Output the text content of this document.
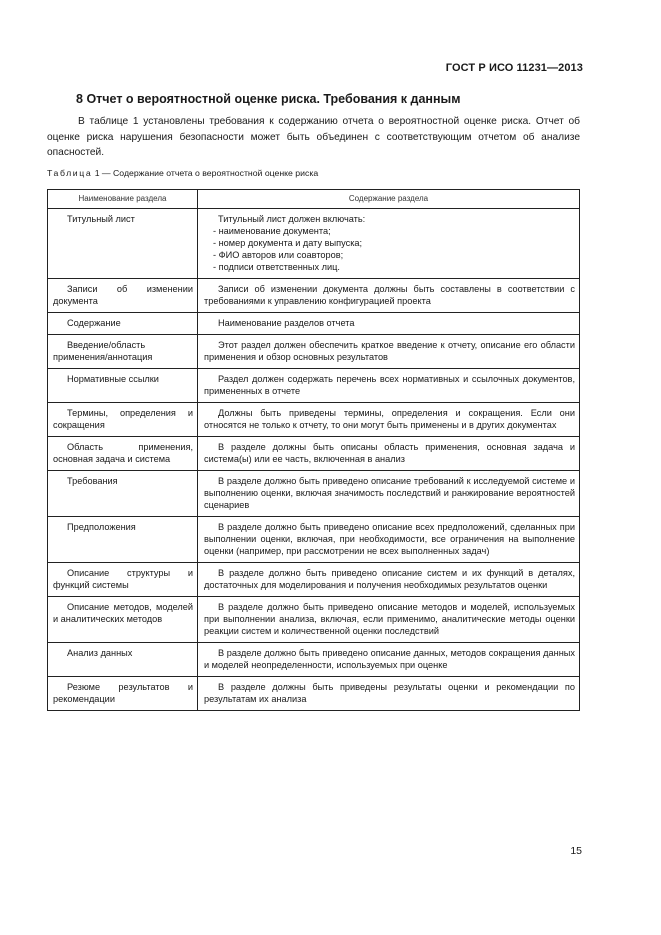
ГОСТ Р ИСО 11231—2013
8 Отчет о вероятностной оценке риска. Требования к данным

В таблице 1 установлены требования к содержанию отчета о вероятностной оценке риска. Отчет об оценке риска нарушения безопасности может быть объединен с соответствующим отчетом об анализе опасностей.

Таблица 1 — Содержание отчета о вероятностной оценке риска
Наименование раздела	Содержание раздела

Титульный лист	Титульный лист должен включать:
- наименование документа;
- номер документа и дату выпуска;
- ФИО авторов или соавторов;
- подписи ответственных лиц.

Записи об изменении документа	Записи об изменении документа должны быть составлены в соответствии с требованиями к управлению конфигурацией проекта

Содержание	Наименование разделов отчета

Введение/область применения/аннотация	Этот раздел должен обеспечить краткое введение к отчету, описание его области применения и обзор основных результатов

Нормативные ссылки	Раздел должен содержать перечень всех нормативных и ссылочных документов, примененных в отчете

Термины, определения и сокращения	Должны быть приведены термины, определения и сокращения. Если они относятся не только к отчету, то они могут быть применены и в других документах

Область применения, основная задача и система	В разделе должны быть описаны область применения, основная задача и система(ы) или ее часть, включенная в анализ

Требования	В разделе должно быть приведено описание требований к исследуемой системе и выполнению оценки, включая значимость последствий и ранжирование вероятностей сценариев

Предположения	В разделе должно быть приведено описание всех предположений, сделанных при выполнении оценки, включая, при необходимости, все ограничения на выполнение оценки (например, при рассмотрении не всех выполненных задач)

Описание структуры и функций системы	В разделе должно быть приведено описание систем и их функций в деталях, достаточных для моделирования и получения необходимых результатов оценки

Описание методов, моделей и аналитических методов	В разделе должно быть приведено описание методов и моделей, используемых при выполнении анализа, включая, если применимо, аналитические методы оценки реакции систем и количественной оценки последствий

Анализ данных	В разделе должно быть приведено описание данных, методов сокращения данных и моделей неопределенности, используемых при оценке

Резюме результатов и рекомендации	В разделе должны быть приведены результаты оценки и рекомендации по результатам их анализа
15
